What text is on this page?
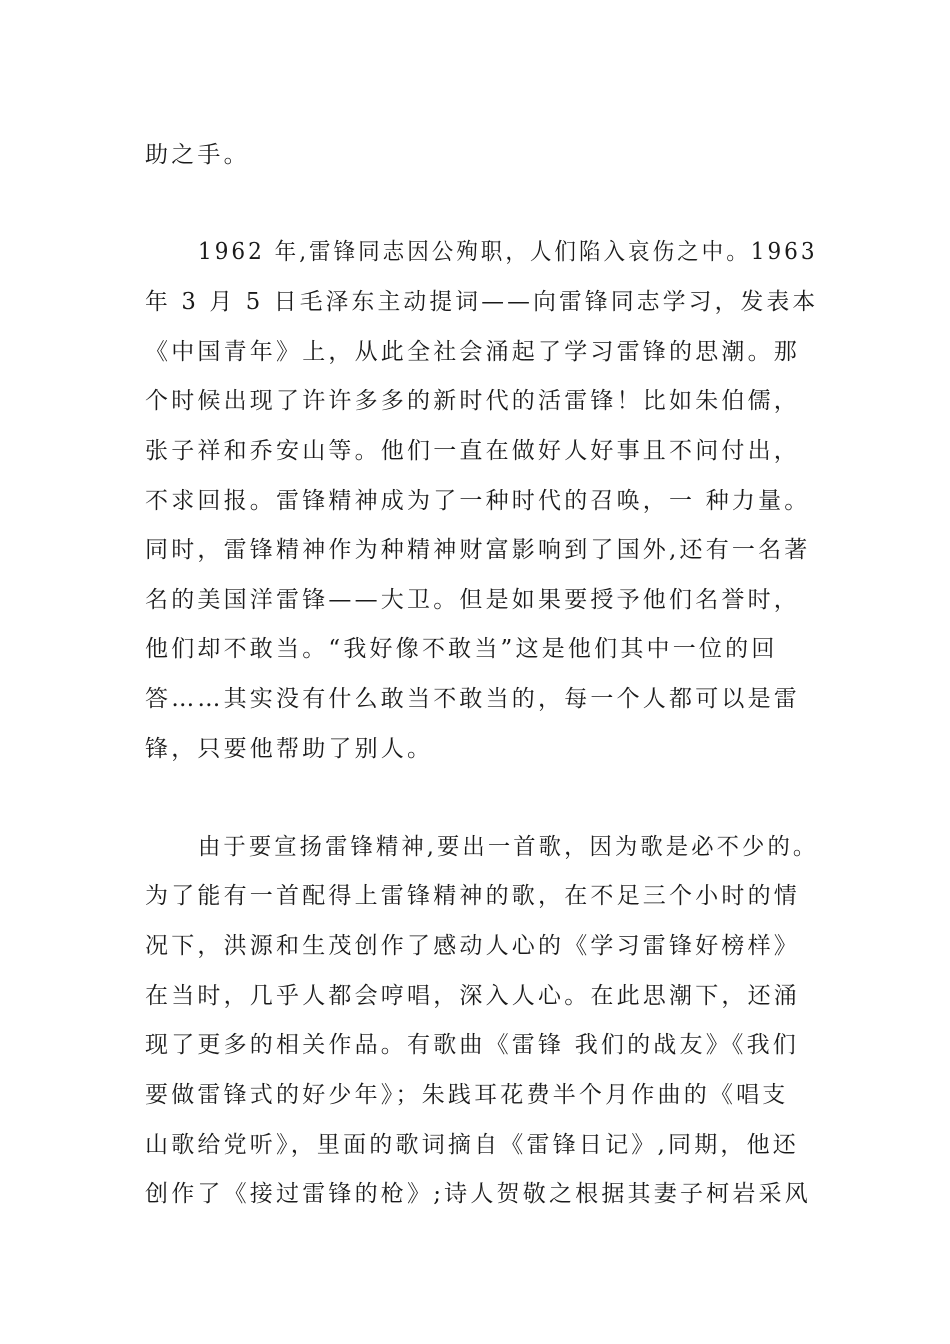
助之手。
1962 年,雷锋同志因公殉职，人们陷入哀伤之中。1963
年 3 月 5 日毛泽东主动提词——向雷锋同志学习，发表本
《中国青年》上，从此全社会涌起了学习雷锋的思潮。那
个时候出现了许许多多的新时代的活雷锋！比如朱伯儒，
张子祥和乔安山等。他们一直在做好人好事且不问付出，
不求回报。雷锋精神成为了一种时代的召唤，一 种力量。
同时，雷锋精神作为种精神财富影响到了国外,还有一名著
名的美国洋雷锋——大卫。但是如果要授予他们名誉时，
他们却不敢当。“我好像不敢当”这是他们其中一位的回
答……其实没有什么敢当不敢当的，每一个人都可以是雷
锋，只要他帮助了别人。
由于要宣扬雷锋精神,要出一首歌，因为歌是必不少的。
为了能有一首配得上雷锋精神的歌，在不足三个小时的情
况下，洪源和生茂创作了感动人心的《学习雷锋好榜样》
在当时，几乎人都会哼唱，深入人心。在此思潮下，还涌
现了更多的相关作品。有歌曲《雷锋 我们的战友》《我们
要做雷锋式的好少年》；朱践耳花费半个月作曲的《唱支
山歌给党听》，里面的歌词摘自《雷锋日记》,同期，他还
创作了《接过雷锋的枪》;诗人贺敬之根据其妻子柯岩采风
